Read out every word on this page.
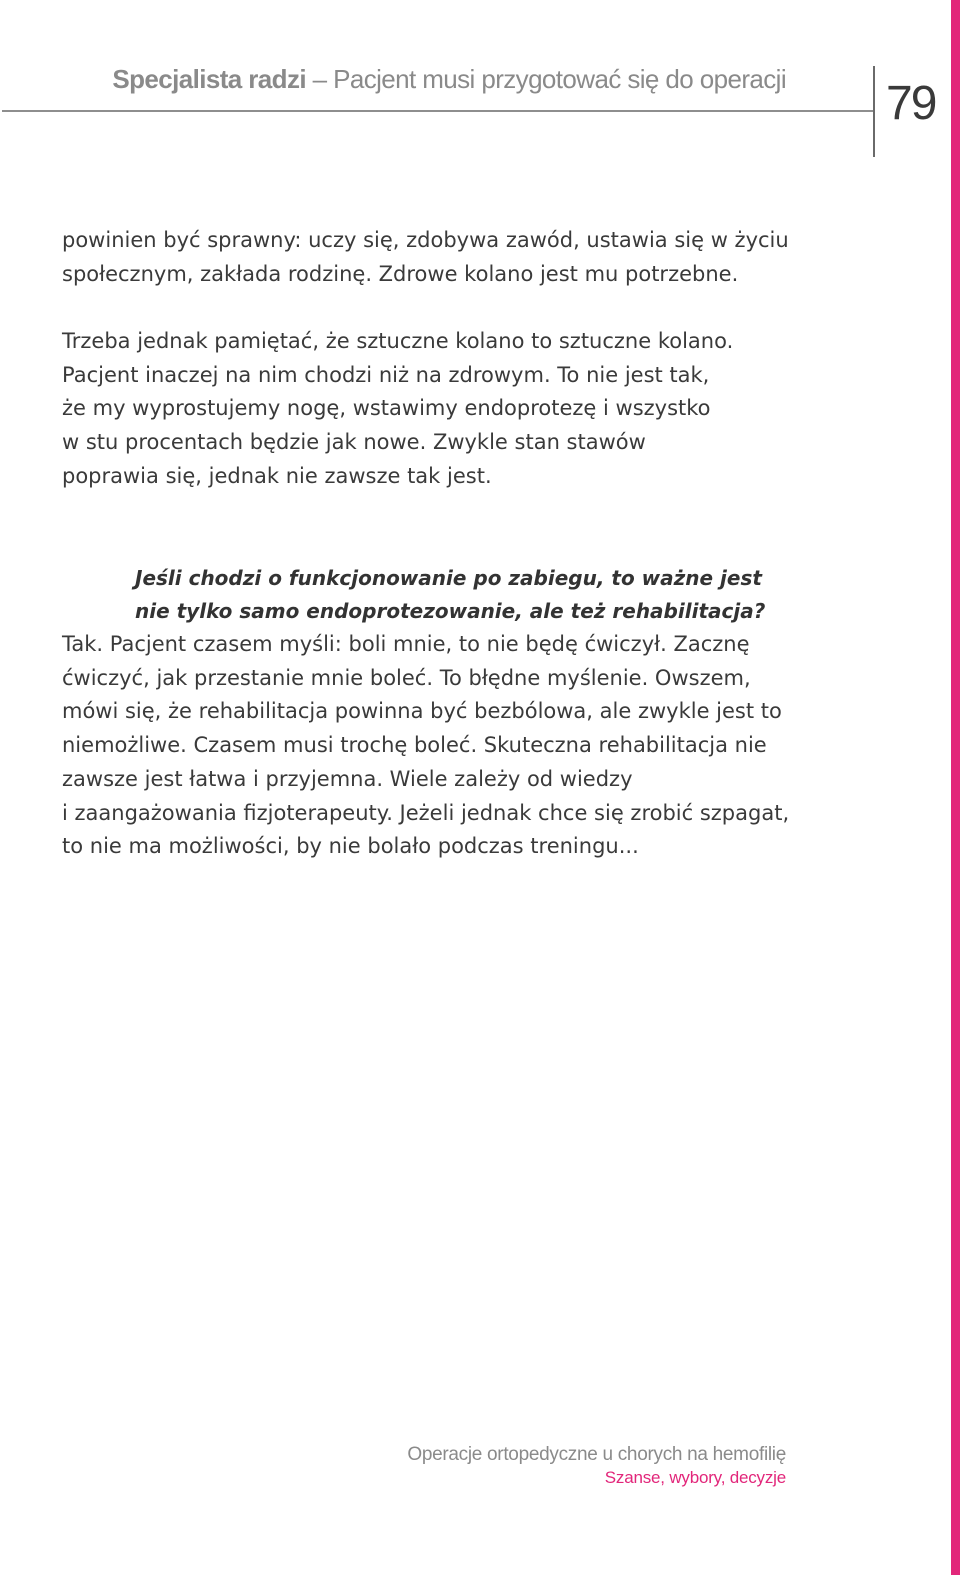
Specjalista radzi – Pacjent musi przygotować się do operacji 79
powinien być sprawny: uczy się, zdobywa zawód, ustawia się w życiu
społecznym, zakłada rodzinę. Zdrowe kolano jest mu potrzebne.
Trzeba jednak pamiętać, że sztuczne kolano to sztuczne kolano.
Pacjent inaczej na nim chodzi niż na zdrowym. To nie jest tak,
że my wyprostujemy nogę, wstawimy endoprotezę i wszystko
w stu procentach będzie jak nowe. Zwykle stan stawów
poprawia się, jednak nie zawsze tak jest.
Jeśli chodzi o funkcjonowanie po zabiegu, to ważne jest
nie tylko samo endoprotezowanie, ale też rehabilitacja?
Tak. Pacjent czasem myśli: boli mnie, to nie będę ćwiczył. Zacznę
ćwiczyć, jak przestanie mnie boleć. To błędne myślenie. Owszem,
mówi się, że rehabilitacja powinna być bezbólowa, ale zwykle jest to
niemożliwe. Czasem musi trochę boleć. Skuteczna rehabilitacja nie
zawsze jest łatwa i przyjemna. Wiele zależy od wiedzy
i zaangażowania fizjoterapeuty. Jeżeli jednak chce się zrobić szpagat,
to nie ma możliwości, by nie bolało podczas treningu...
Operacje ortopedyczne u chorych na hemofilię
Szanse, wybory, decyzje
